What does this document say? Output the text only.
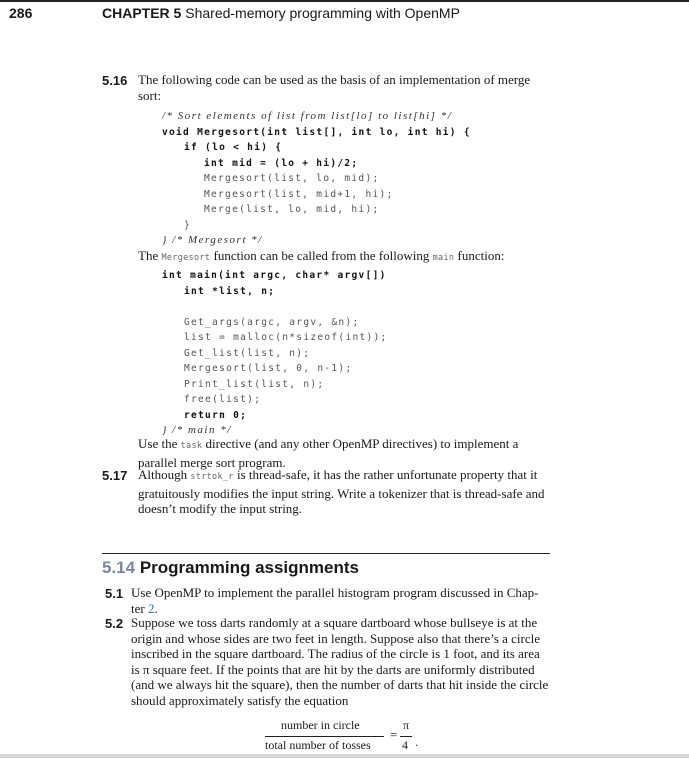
286	CHAPTER 5 Shared-memory programming with OpenMP
5.16 The following code can be used as the basis of an implementation of merge
sort:
/* Sort elements of list from list[lo] to list[hi] */
void Mergesort(int list[], int lo, int hi) {
if (lo < hi) {
int mid = (lo + hi)/2;
Mergesort(list, lo, mid);
Mergesort(list, mid+1, hi);
Merge(list, lo, mid, hi);
}
} /* Mergesort */
The Mergesort function can be called from the following main function:
int main(int argc, char* argv[])
int *list, n;

Get_args(argc, argv, &n);
list = malloc(n*sizeof(int));
Get_list(list, n);
Mergesort(list, 0, n-1);
Print_list(list, n);
free(list);
return 0;
} /* main */
Use the task directive (and any other OpenMP directives) to implement a
parallel merge sort program.
5.17 Although strtok_r is thread-safe, it has the rather unfortunate property that it
gratuitously modifies the input string. Write a tokenizer that is thread-safe and
doesn’t modify the input string.
5.14 Programming assignments
5.1 Use OpenMP to implement the parallel histogram program discussed in Chap-
ter 2.
5.2 Suppose we toss darts randomly at a square dartboard whose bullseye is at the
origin and whose sides are two feet in length. Suppose also that there’s a circle
inscribed in the square dartboard. The radius of the circle is 1 foot, and its area
is π square feet. If the points that are hit by the darts are uniformly distributed
(and we always hit the square), then the number of darts that hit inside the circle
should approximately satisfy the equation
number in circle
total number of tosses
=
π
4 .
